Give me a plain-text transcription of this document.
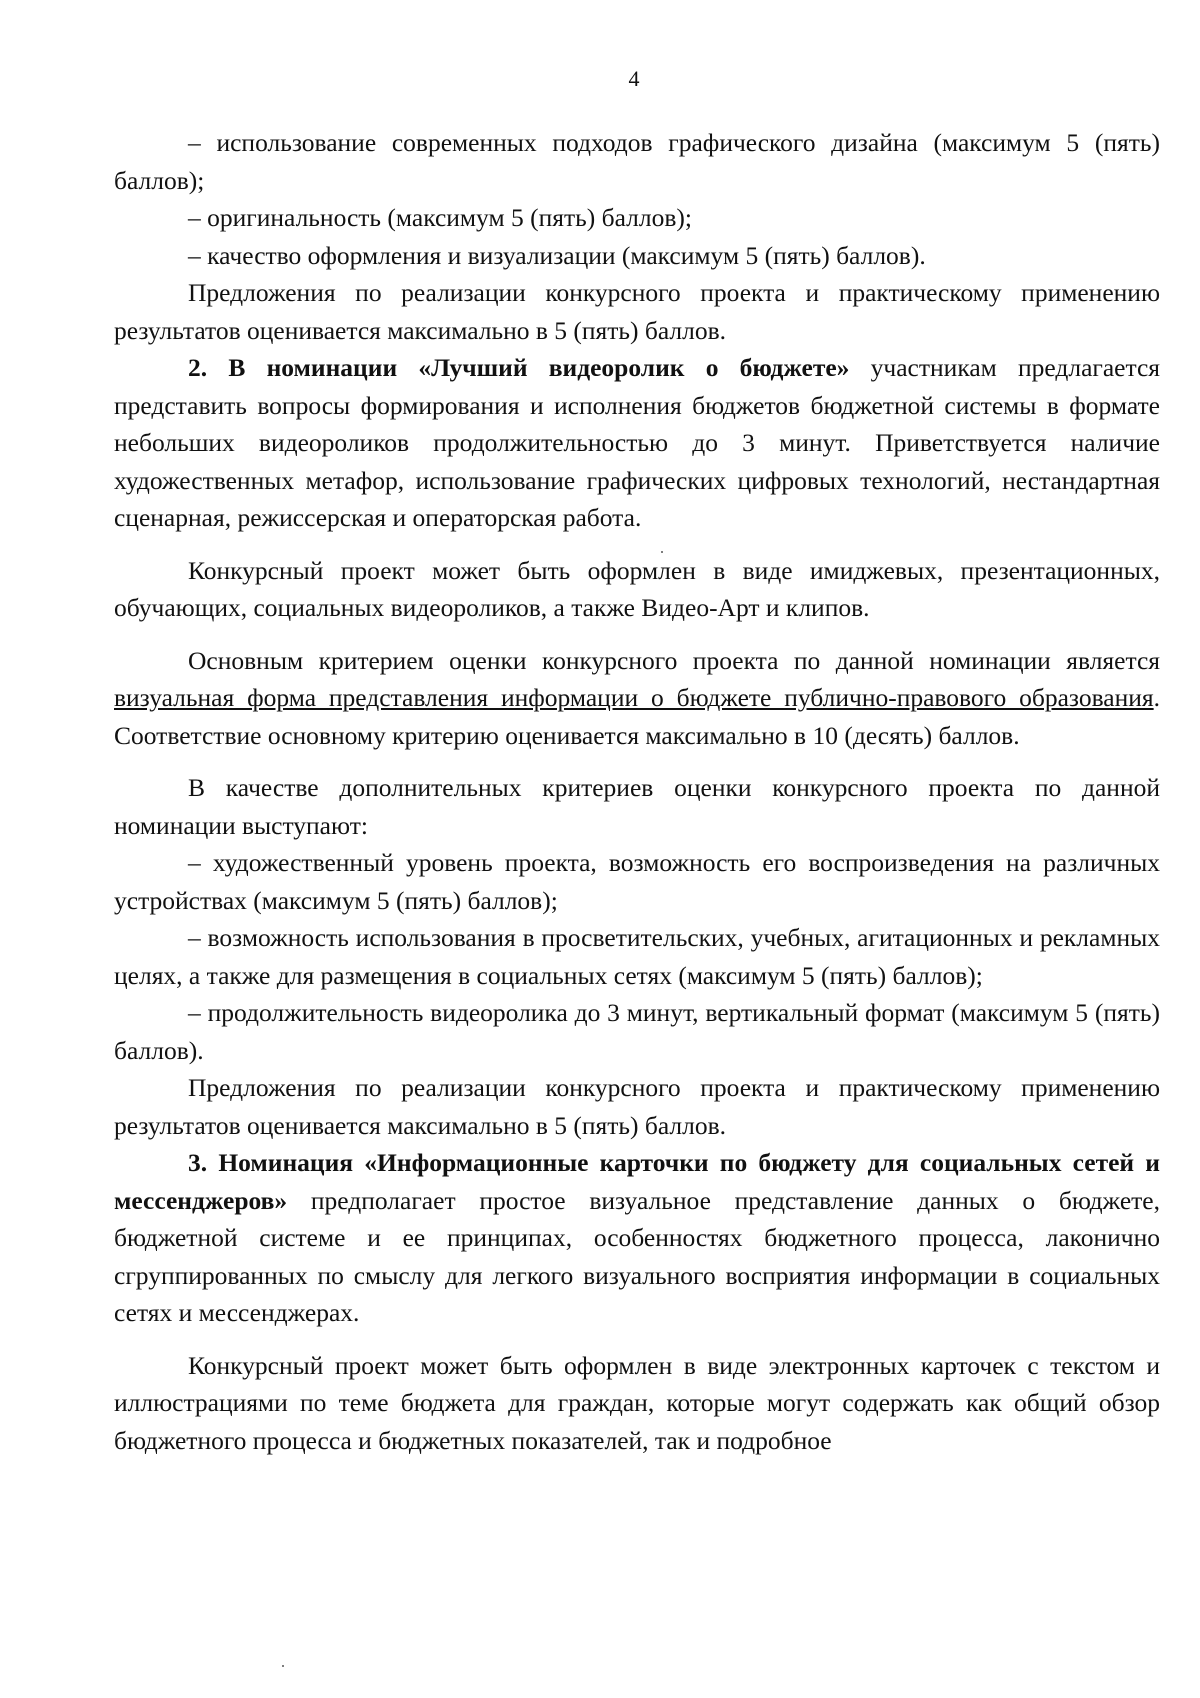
4

– использование современных подходов графического дизайна (максимум 5 (пять) баллов);

– оригинальность (максимум 5 (пять) баллов);

– качество оформления и визуализации (максимум 5 (пять) баллов).

Предложения по реализации конкурсного проекта и практическому применению результатов оценивается максимально в 5 (пять) баллов.

2. В номинации «Лучший видеоролик о бюджете» участникам предлагается представить вопросы формирования и исполнения бюджетов бюджетной системы в формате небольших видеороликов продолжительностью до 3 минут. Приветствуется наличие художественных метафор, использование графических цифровых технологий, нестандартная сценарная, режиссерская и операторская работа.

Конкурсный проект может быть оформлен в виде имиджевых, презентационных, обучающих, социальных видеороликов, а также Видео-Арт и клипов.

Основным критерием оценки конкурсного проекта по данной номинации является визуальная форма представления информации о бюджете публично-правового образования. Соответствие основному критерию оценивается максимально в 10 (десять) баллов.

В качестве дополнительных критериев оценки конкурсного проекта по данной номинации выступают:

– художественный уровень проекта, возможность его воспроизведения на различных устройствах (максимум 5 (пять) баллов);

– возможность использования в просветительских, учебных, агитационных и рекламных целях, а также для размещения в социальных сетях (максимум 5 (пять) баллов);

– продолжительность видеоролика до 3 минут, вертикальный формат (максимум 5 (пять) баллов).

Предложения по реализации конкурсного проекта и практическому применению результатов оценивается максимально в 5 (пять) баллов.

3. Номинация «Информационные карточки по бюджету для социальных сетей и мессенджеров» предполагает простое визуальное представление данных о бюджете, бюджетной системе и ее принципах, особенностях бюджетного процесса, лаконично сгруппированных по смыслу для легкого визуального восприятия информации в социальных сетях и мессенджерах.

Конкурсный проект может быть оформлен в виде электронных карточек с текстом и иллюстрациями по теме бюджета для граждан, которые могут содержать как общий обзор бюджетного процесса и бюджетных показателей, так и подробное
